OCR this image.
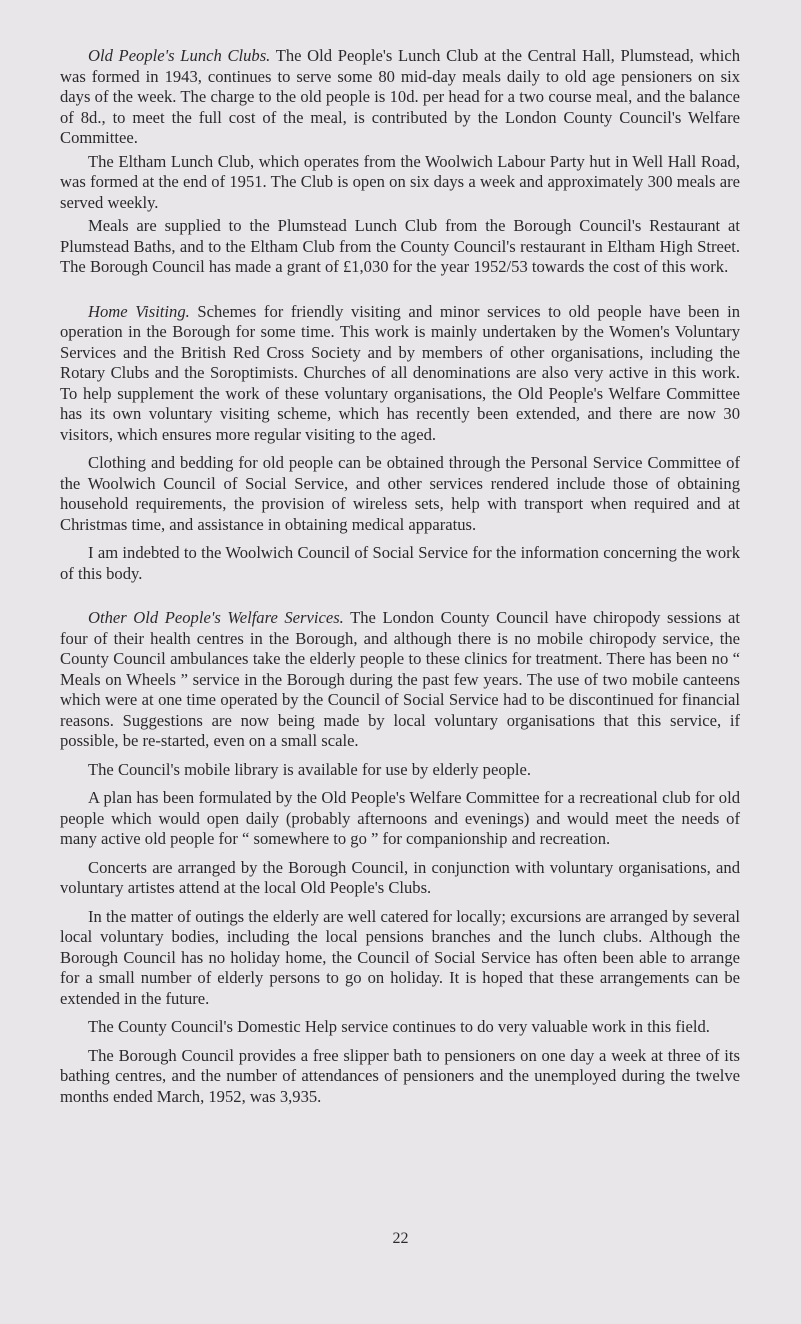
Old People's Lunch Clubs. The Old People's Lunch Club at the Central Hall, Plumstead, which was formed in 1943, continues to serve some 80 mid-day meals daily to old age pensioners on six days of the week. The charge to the old people is 10d. per head for a two course meal, and the balance of 8d., to meet the full cost of the meal, is contributed by the London County Council's Welfare Committee.

The Eltham Lunch Club, which operates from the Woolwich Labour Party hut in Well Hall Road, was formed at the end of 1951. The Club is open on six days a week and approximately 300 meals are served weekly.

Meals are supplied to the Plumstead Lunch Club from the Borough Council's Restaurant at Plumstead Baths, and to the Eltham Club from the County Council's restaurant in Eltham High Street. The Borough Council has made a grant of £1,030 for the year 1952/53 towards the cost of this work.

Home Visiting. Schemes for friendly visiting and minor services to old people have been in operation in the Borough for some time. This work is mainly undertaken by the Women's Voluntary Services and the British Red Cross Society and by members of other organisations, including the Rotary Clubs and the Soroptimists. Churches of all denominations are also very active in this work. To help supplement the work of these voluntary organisations, the Old People's Welfare Committee has its own voluntary visiting scheme, which has recently been extended, and there are now 30 visitors, which ensures more regular visiting to the aged.

Clothing and bedding for old people can be obtained through the Personal Service Committee of the Woolwich Council of Social Service, and other services rendered include those of obtaining household requirements, the provision of wireless sets, help with transport when required and at Christmas time, and assistance in obtaining medical apparatus.

I am indebted to the Woolwich Council of Social Service for the information concerning the work of this body.

Other Old People's Welfare Services. The London County Council have chiropody sessions at four of their health centres in the Borough, and although there is no mobile chiropody service, the County Council ambulances take the elderly people to these clinics for treatment. There has been no “ Meals on Wheels ” service in the Borough during the past few years. The use of two mobile canteens which were at one time operated by the Council of Social Service had to be discontinued for financial reasons. Suggestions are now being made by local voluntary organisations that this service, if possible, be re-started, even on a small scale.

The Council's mobile library is available for use by elderly people.

A plan has been formulated by the Old People's Welfare Committee for a recreational club for old people which would open daily (probably afternoons and evenings) and would meet the needs of many active old people for “ somewhere to go ” for companionship and recreation.

Concerts are arranged by the Borough Council, in conjunction with voluntary organisations, and voluntary artistes attend at the local Old People's Clubs.

In the matter of outings the elderly are well catered for locally; excursions are arranged by several local voluntary bodies, including the local pensions branches and the lunch clubs. Although the Borough Council has no holiday home, the Council of Social Service has often been able to arrange for a small number of elderly persons to go on holiday. It is hoped that these arrangements can be extended in the future.

The County Council's Domestic Help service continues to do very valuable work in this field.

The Borough Council provides a free slipper bath to pensioners on one day a week at three of its bathing centres, and the number of attendances of pensioners and the unemployed during the twelve months ended March, 1952, was 3,935.

22
